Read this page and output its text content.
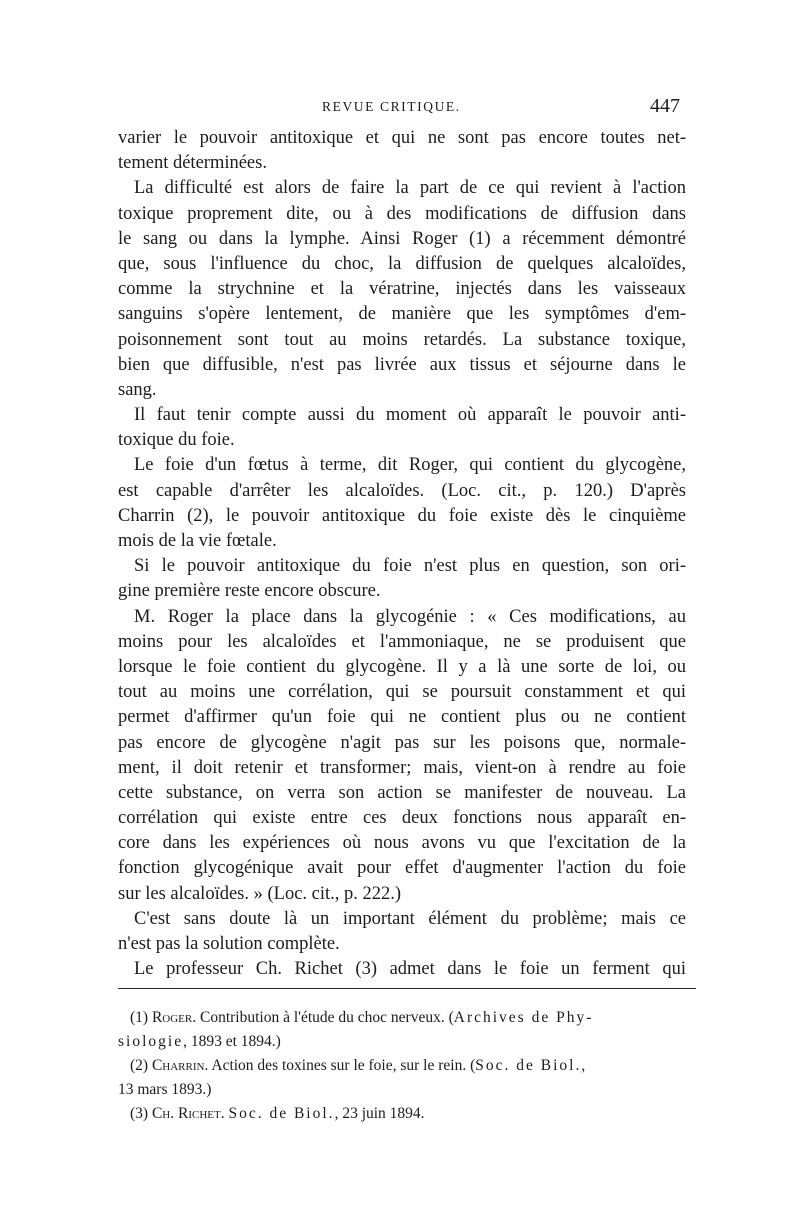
REVUE CRITIQUE.	447
varier le pouvoir antitoxique et qui ne sont pas encore toutes net-
tement déterminées.
La difficulté est alors de faire la part de ce qui revient à l'action
toxique proprement dite, ou à des modifications de diffusion dans
le sang ou dans la lymphe. Ainsi Roger (1) a récemment démontré
que, sous l'influence du choc, la diffusion de quelques alcaloïdes,
comme la strychnine et la vératrine, injectés dans les vaisseaux
sanguins s'opère lentement, de manière que les symptômes d'em-
poisonnement sont tout au moins retardés. La substance toxique,
bien que diffusible, n'est pas livrée aux tissus et séjourne dans le
sang.
Il faut tenir compte aussi du moment où apparaît le pouvoir anti-
toxique du foie.
Le foie d'un fœtus à terme, dit Roger, qui contient du glycogène,
est capable d'arrêter les alcaloïdes. (Loc. cit., p. 120.) D'après
Charrin (2), le pouvoir antitoxique du foie existe dès le cinquième
mois de la vie fœtale.
Si le pouvoir antitoxique du foie n'est plus en question, son ori-
gine première reste encore obscure.
M. Roger la place dans la glycogénie : « Ces modifications, au
moins pour les alcaloïdes et l'ammoniaque, ne se produisent que
lorsque le foie contient du glycogène. Il y a là une sorte de loi, ou
tout au moins une corrélation, qui se poursuit constamment et qui
permet d'affirmer qu'un foie qui ne contient plus ou ne contient
pas encore de glycogène n'agit pas sur les poisons que, normale-
ment, il doit retenir et transformer; mais, vient-on à rendre au foie
cette substance, on verra son action se manifester de nouveau. La
corrélation qui existe entre ces deux fonctions nous apparaît en-
core dans les expériences où nous avons vu que l'excitation de la
fonction glycogénique avait pour effet d'augmenter l'action du foie
sur les alcaloïdes. » (Loc. cit., p. 222.)
C'est sans doute là un important élément du problème; mais ce
n'est pas la solution complète.
Le professeur Ch. Richet (3) admet dans le foie un ferment qui
(1) Roger. Contribution à l'étude du choc nerveux. (Archives de Phy-
siologie, 1893 et 1894.)
(2) Charrin. Action des toxines sur le foie, sur le rein. (Soc. de Biol.,
13 mars 1893.)
(3) Ch. Richet. Soc. de Biol., 23 juin 1894.
